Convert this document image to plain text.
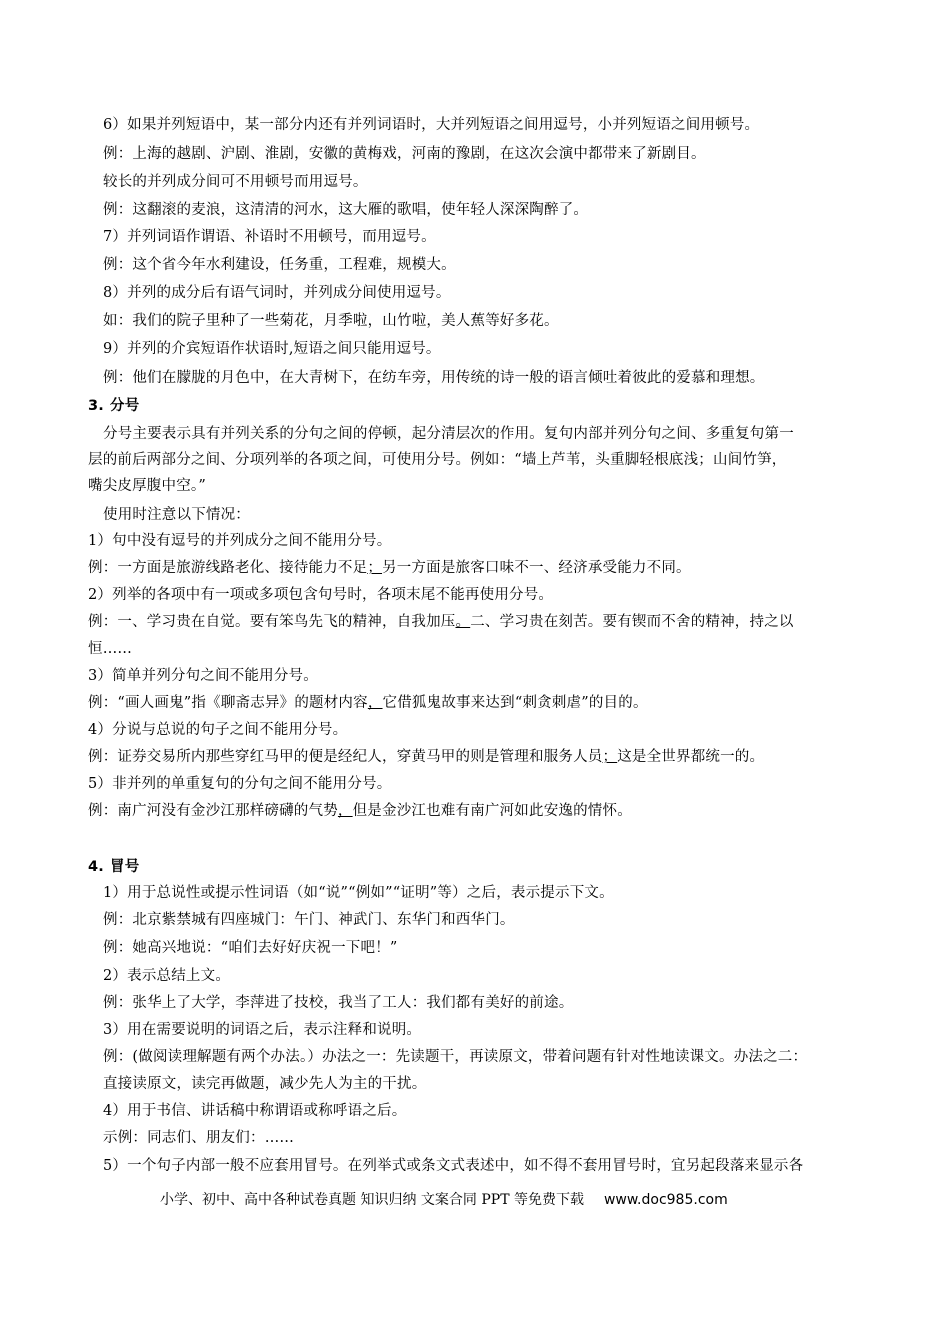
6）如果并列短语中，某一部分内还有并列词语时，大并列短语之间用逗号，小并列短语之间用顿号。
例：上海的越剧、沪剧、淮剧，安徽的黄梅戏，河南的豫剧，在这次会演中都带来了新剧目。
较长的并列成分间可不用顿号而用逗号。
例：这翻滚的麦浪，这清清的河水，这大雁的歌唱，使年轻人深深陶醉了。
7）并列词语作谓语、补语时不用顿号，而用逗号。
例：这个省今年水利建设，任务重，工程难，规模大。
8）并列的成分后有语气词时，并列成分间使用逗号。
如：我们的院子里种了一些菊花，月季啦，山竹啦，美人蕉等好多花。
9）并列的介宾短语作状语时,短语之间只能用逗号。
例：他们在朦胧的月色中，在大青树下，在纺车旁，用传统的诗一般的语言倾吐着彼此的爱慕和理想。
3. 分号
分号主要表示具有并列关系的分句之间的停顿，起分清层次的作用。复句内部并列分句之间、多重复句第一
层的前后两部分之间、分项列举的各项之间，可使用分号。例如：“墙上芦苇，头重脚轻根底浅；山间竹笋，
嘴尖皮厚腹中空。”
使用时注意以下情况：
1）句中没有逗号的并列成分之间不能用分号。
例：一方面是旅游线路老化、接待能力不足；另一方面是旅客口味不一、经济承受能力不同。
2）列举的各项中有一项或多项包含句号时，各项末尾不能再使用分号。
例：一、学习贵在自觉。要有笨鸟先飞的精神，自我加压。二、学习贵在刻苦。要有锲而不舍的精神，持之以
恒……
3）简单并列分句之间不能用分号。
例：“画人画鬼”指《聊斋志异》的题材内容，它借狐鬼故事来达到“刺贪刺虐”的目的。
4）分说与总说的句子之间不能用分号。
例：证券交易所内那些穿红马甲的便是经纪人，穿黄马甲的则是管理和服务人员；这是全世界都统一的。
5）非并列的单重复句的分句之间不能用分号。
例：南广河没有金沙江那样磅礴的气势，但是金沙江也难有南广河如此安逸的情怀。
4. 冒号
1）用于总说性或提示性词语（如“说”“例如”“证明”等）之后，表示提示下文。
例：北京紫禁城有四座城门：午门、神武门、东华门和西华门。
例：她高兴地说：“咱们去好好庆祝一下吧！”
2）表示总结上文。
例：张华上了大学，李萍进了技校，我当了工人：我们都有美好的前途。
3）用在需要说明的词语之后，表示注释和说明。
例：(做阅读理解题有两个办法。）办法之一：先读题干，再读原文，带着问题有针对性地读课文。办法之二：
直接读原文，读完再做题，减少先人为主的干扰。
4）用于书信、讲话稿中称谓语或称呼语之后。
示例：同志们、朋友们：……
5）一个句子内部一般不应套用冒号。在列举式或条文式表述中，如不得不套用冒号时，宜另起段落来显示各
小学、初中、高中各种试卷真题 知识归纳 文案合同 PPT 等免费下载 www.doc985.com
